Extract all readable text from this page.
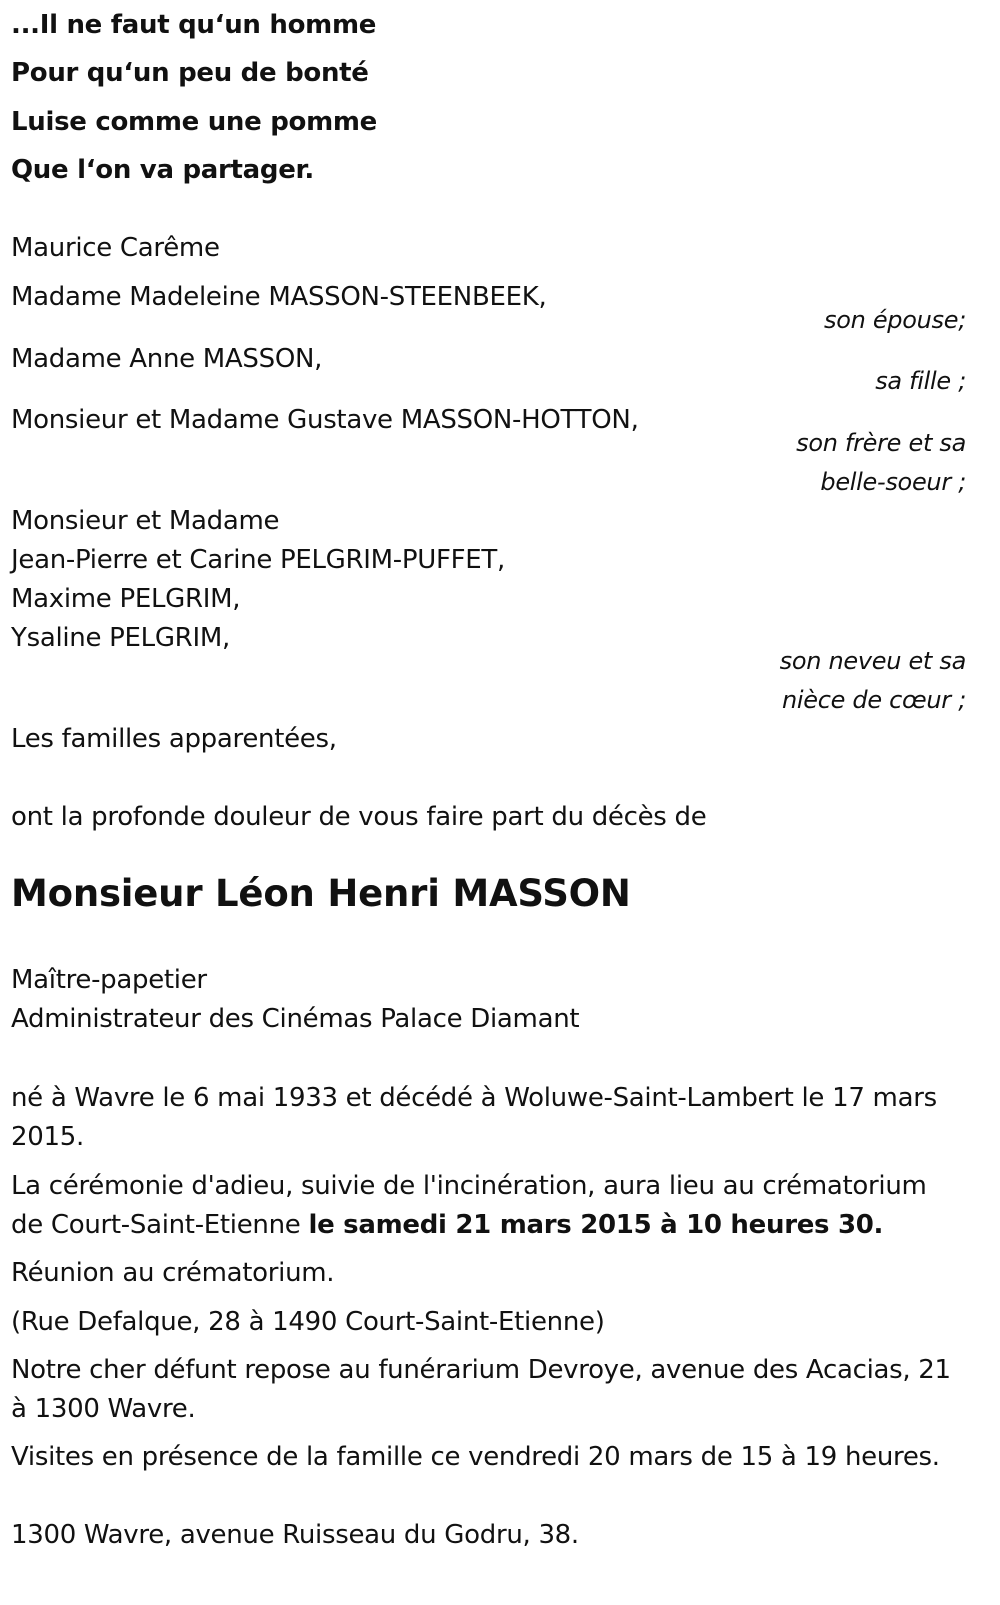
...Il ne faut qu‘un homme
Pour qu‘un peu de bonté
Luise comme une pomme
Que l‘on va partager.
Maurice Carême
Madame Madeleine MASSON-STEENBEEK,
son épouse;
Madame Anne MASSON,
sa fille ;
Monsieur et Madame Gustave MASSON-HOTTON,
son frère et sa
belle-soeur ;
Monsieur et Madame
Jean-Pierre et Carine PELGRIM-PUFFET,
Maxime PELGRIM,
Ysaline PELGRIM,
son neveu et sa
nièce de cœur ;
Les familles apparentées,
ont la profonde douleur de vous faire part du décès de
Monsieur Léon Henri MASSON
Maître-papetier
Administrateur des Cinémas Palace Diamant
né à Wavre le 6 mai 1933 et décédé à Woluwe-Saint-Lambert le 17 mars
2015.
La cérémonie d'adieu, suivie de l'incinération, aura lieu au crématorium
de Court-Saint-Etienne le samedi 21 mars 2015 à 10 heures 30.
Réunion au crématorium.
(Rue Defalque, 28 à 1490 Court-Saint-Etienne)
Notre cher défunt repose au funérarium Devroye, avenue des Acacias, 21
à 1300 Wavre.
Visites en présence de la famille ce vendredi 20 mars de 15 à 19 heures.
1300 Wavre, avenue Ruisseau du Godru, 38.
